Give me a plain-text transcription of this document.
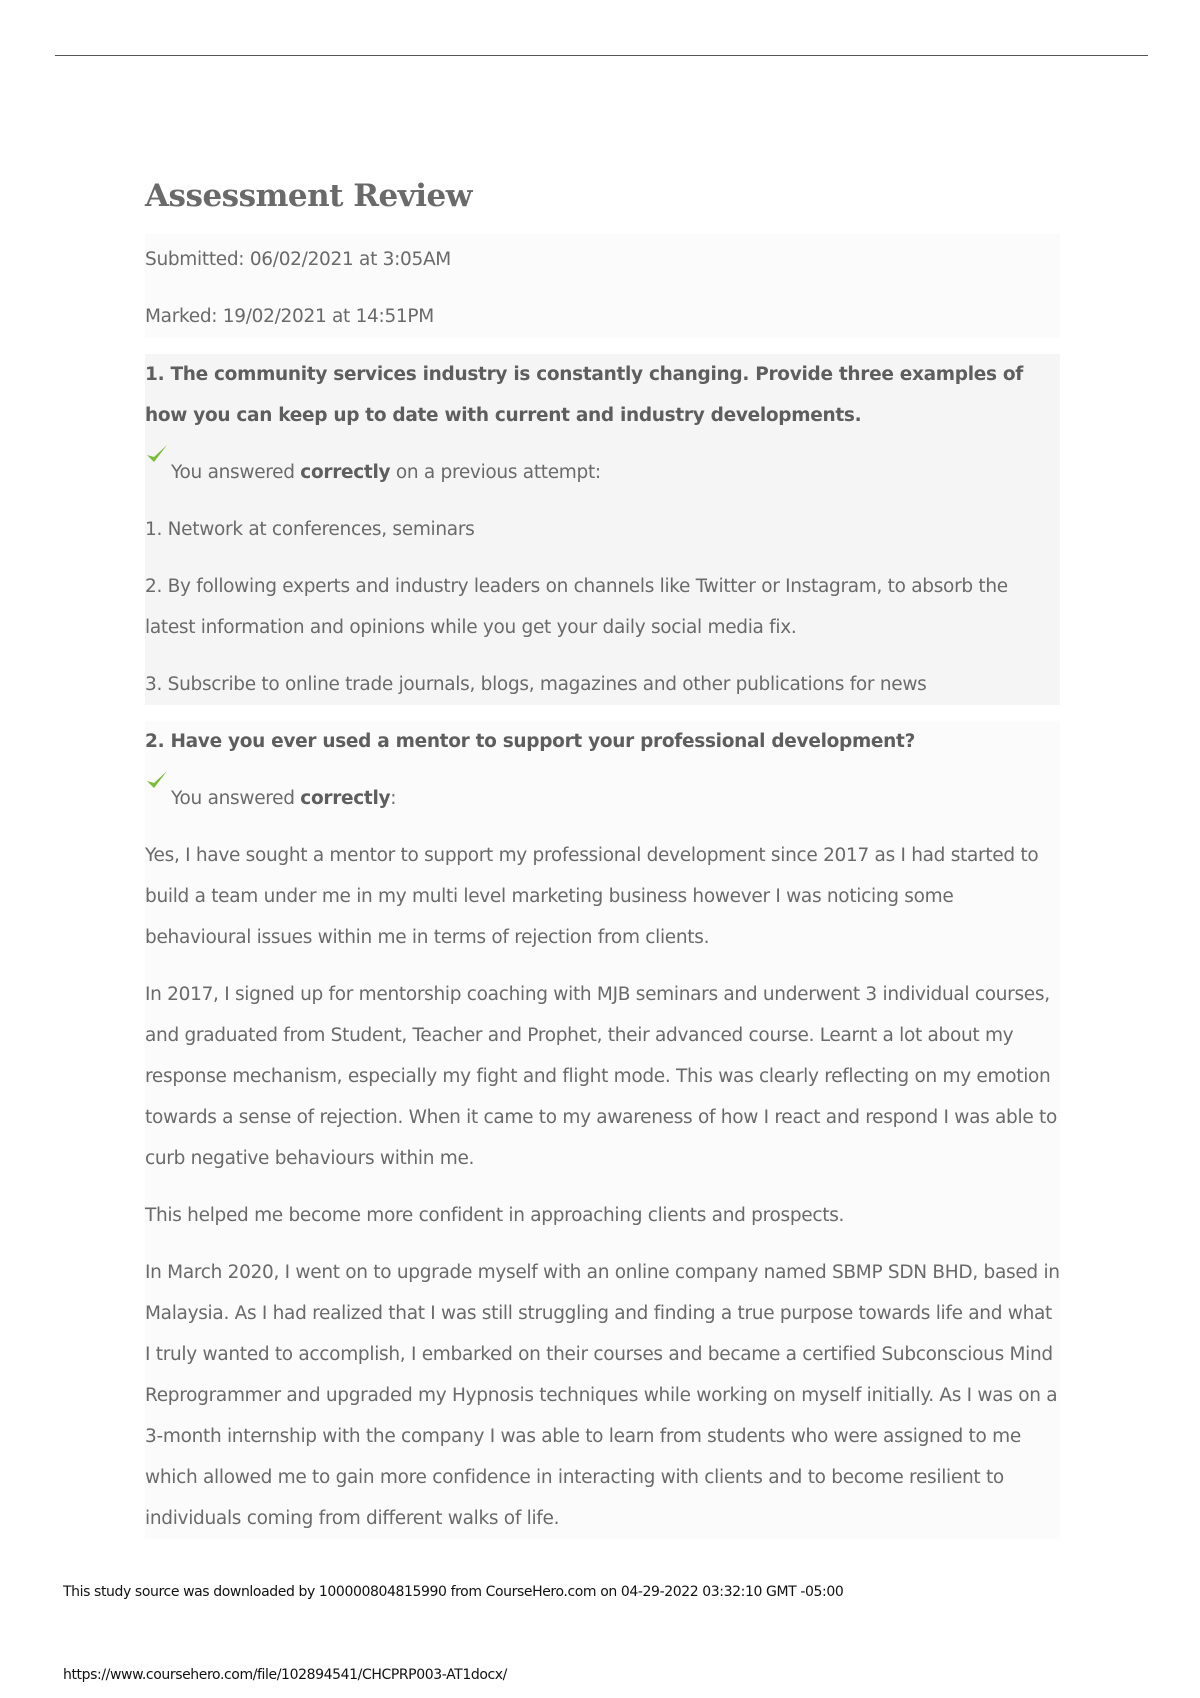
Assessment Review

Submitted: 06/02/2021 at 3:05AM

Marked: 19/02/2021 at 14:51PM

1. The community services industry is constantly changing. Provide three examples of how you can keep up to date with current and industry developments.

You answered correctly on a previous attempt:

1. Network at conferences, seminars

2. By following experts and industry leaders on channels like Twitter or Instagram, to absorb the latest information and opinions while you get your daily social media fix.

3. Subscribe to online trade journals, blogs, magazines and other publications for news

2. Have you ever used a mentor to support your professional development?

You answered correctly:

Yes, I have sought a mentor to support my professional development since 2017 as I had started to build a team under me in my multi level marketing business however I was noticing some behavioural issues within me in terms of rejection from clients.

In 2017, I signed up for mentorship coaching with MJB seminars and underwent 3 individual courses, and graduated from Student, Teacher and Prophet, their advanced course. Learnt a lot about my response mechanism, especially my fight and flight mode. This was clearly reflecting on my emotion towards a sense of rejection. When it came to my awareness of how I react and respond I was able to curb negative behaviours within me.

This helped me become more confident in approaching clients and prospects.

In March 2020, I went on to upgrade myself with an online company named SBMP SDN BHD, based in Malaysia. As I had realized that I was still struggling and finding a true purpose towards life and what I truly wanted to accomplish, I embarked on their courses and became a certified Subconscious Mind Reprogrammer and upgraded my Hypnosis techniques while working on myself initially. As I was on a 3-month internship with the company I was able to learn from students who were assigned to me which allowed me to gain more confidence in interacting with clients and to become resilient to individuals coming from different walks of life.

This study source was downloaded by 100000804815990 from CourseHero.com on 04-29-2022 03:32:10 GMT -05:00
https://www.coursehero.com/file/102894541/CHCPRP003-AT1docx/
